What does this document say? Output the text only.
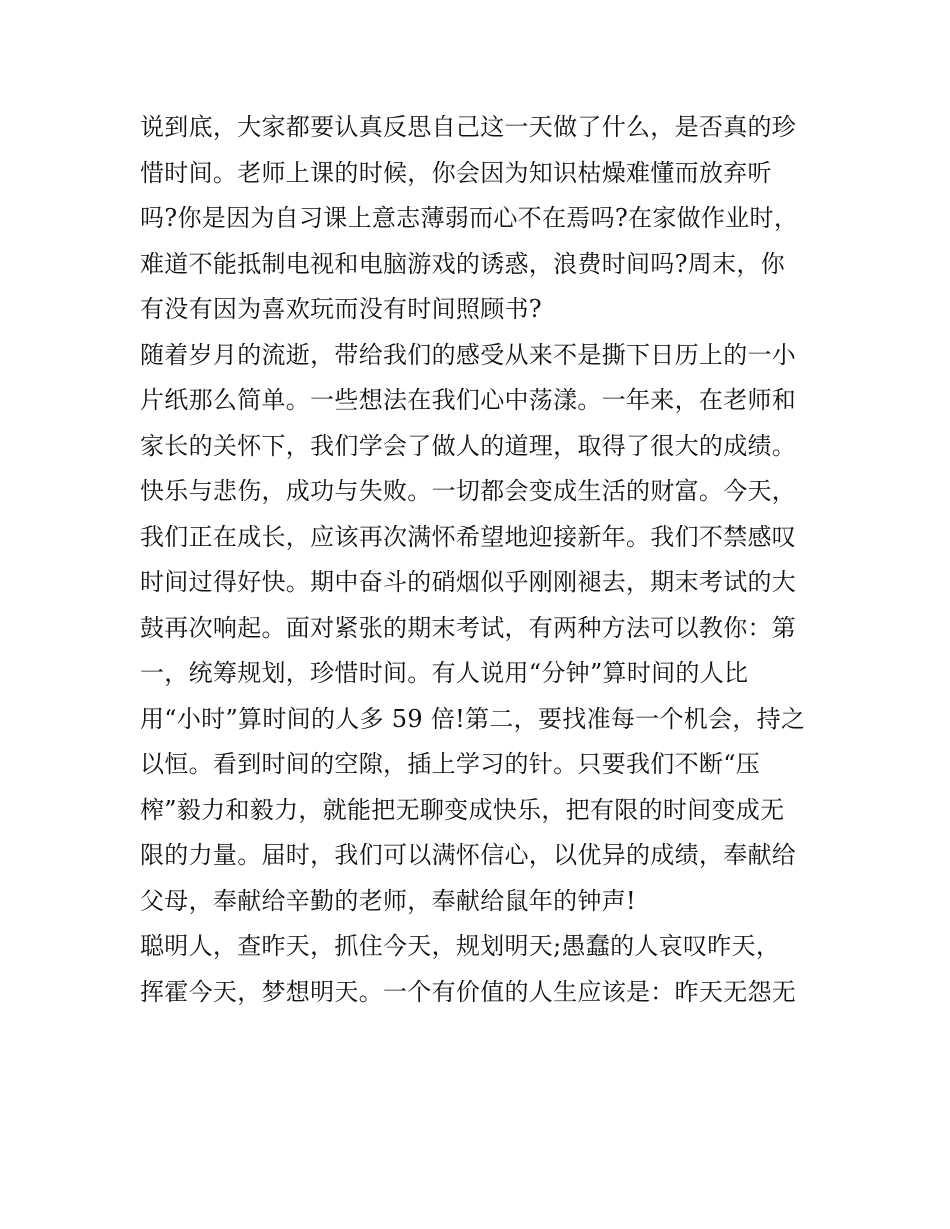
说到底，大家都要认真反思自己这一天做了什么，是否真的珍
惜时间。老师上课的时候，你会因为知识枯燥难懂而放弃听
吗?你是因为自习课上意志薄弱而心不在焉吗?在家做作业时，
难道不能抵制电视和电脑游戏的诱惑，浪费时间吗?周末，你
有没有因为喜欢玩而没有时间照顾书?
随着岁月的流逝，带给我们的感受从来不是撕下日历上的一小
片纸那么简单。一些想法在我们心中荡漾。一年来，在老师和
家长的关怀下，我们学会了做人的道理，取得了很大的成绩。
快乐与悲伤，成功与失败。一切都会变成生活的财富。今天，
我们正在成长，应该再次满怀希望地迎接新年。我们不禁感叹
时间过得好快。期中奋斗的硝烟似乎刚刚褪去，期末考试的大
鼓再次响起。面对紧张的期末考试，有两种方法可以教你：第
一，统筹规划，珍惜时间。有人说用“分钟”算时间的人比
用“小时”算时间的人多 59 倍!第二，要找准每一个机会，持之
以恒。看到时间的空隙，插上学习的针。只要我们不断“压
榨”毅力和毅力，就能把无聊变成快乐，把有限的时间变成无
限的力量。届时，我们可以满怀信心，以优异的成绩，奉献给
父母，奉献给辛勤的老师，奉献给鼠年的钟声!
聪明人，查昨天，抓住今天，规划明天;愚蠢的人哀叹昨天，
挥霍今天，梦想明天。一个有价值的人生应该是：昨天无怨无
